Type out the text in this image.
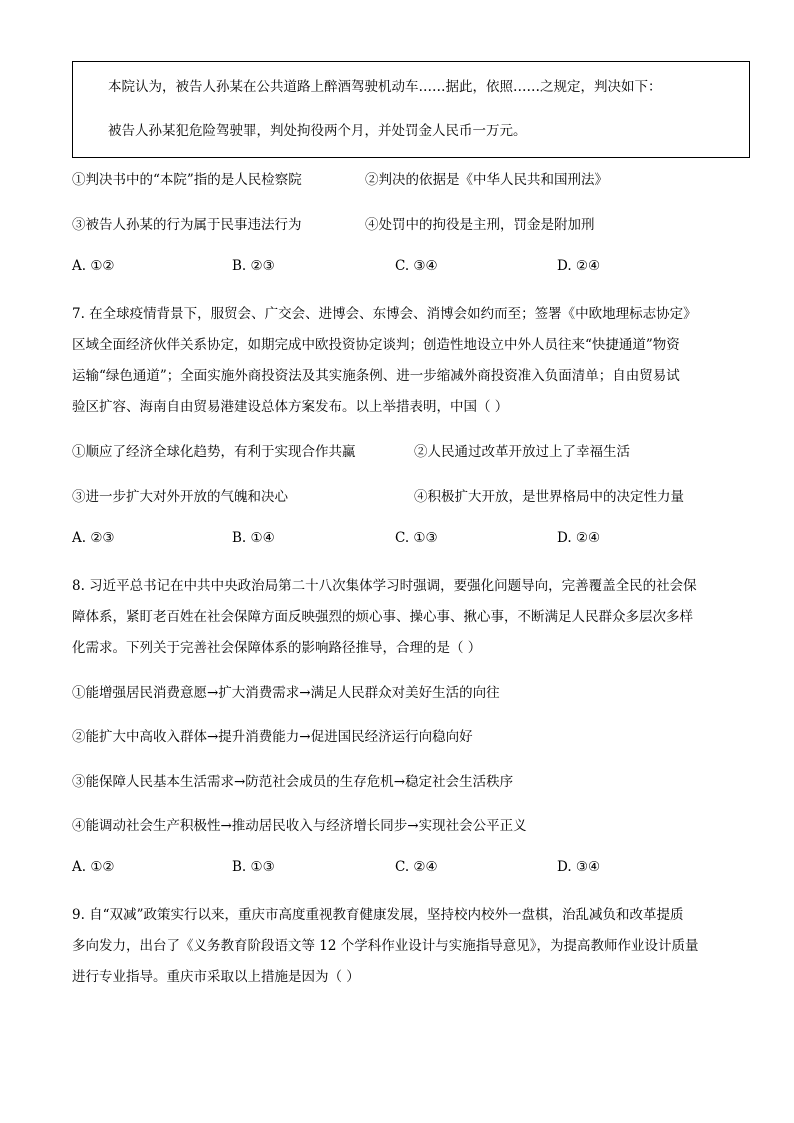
本院认为，被告人孙某在公共道路上醉酒驾驶机动车……据此，依照……之规定，判决如下：
被告人孙某犯危险驾驶罪，判处拘役两个月，并处罚金人民币一万元。
①判决书中的“本院”指的是人民检察院	②判决的依据是《中华人民共和国刑法》
③被告人孙某的行为属于民事违法行为	④处罚中的拘役是主刑，罚金是附加刑
A. ①②	B. ②③	C. ③④	D. ②④
7. 在全球疫情背景下，服贸会、广交会、进博会、东博会、消博会如约而至；签署《中欧地理标志协定》
区域全面经济伙伴关系协定，如期完成中欧投资协定谈判；创造性地设立中外人员往来“快捷通道”物资
运输“绿色通道”；全面实施外商投资法及其实施条例、进一步缩减外商投资准入负面清单；自由贸易试
验区扩容、海南自由贸易港建设总体方案发布。以上举措表明，中国（ ）
①顺应了经济全球化趋势，有利于实现合作共赢	②人民通过改革开放过上了幸福生活
③进一步扩大对外开放的气魄和决心	④积极扩大开放，是世界格局中的决定性力量
A. ②③	B. ①④	C. ①③	D. ②④
8. 习近平总书记在中共中央政治局第二十八次集体学习时强调，要强化问题导向，完善覆盖全民的社会保
障体系，紧盯老百姓在社会保障方面反映强烈的烦心事、操心事、揪心事，不断满足人民群众多层次多样
化需求。下列关于完善社会保障体系的影响路径推导，合理的是（ ）
①能增强居民消费意愿→扩大消费需求→满足人民群众对美好生活的向往
②能扩大中高收入群体→提升消费能力→促进国民经济运行向稳向好
③能保障人民基本生活需求→防范社会成员的生存危机→稳定社会生活秩序
④能调动社会生产积极性→推动居民收入与经济增长同步→实现社会公平正义
A. ①②	B. ①③	C. ②④	D. ③④
9. 自“双减”政策实行以来，重庆市高度重视教育健康发展，坚持校内校外一盘棋，治乱减负和改革提质
多向发力，出台了《义务教育阶段语文等 12 个学科作业设计与实施指导意见》，为提高教师作业设计质量
进行专业指导。重庆市采取以上措施是因为（ ）
